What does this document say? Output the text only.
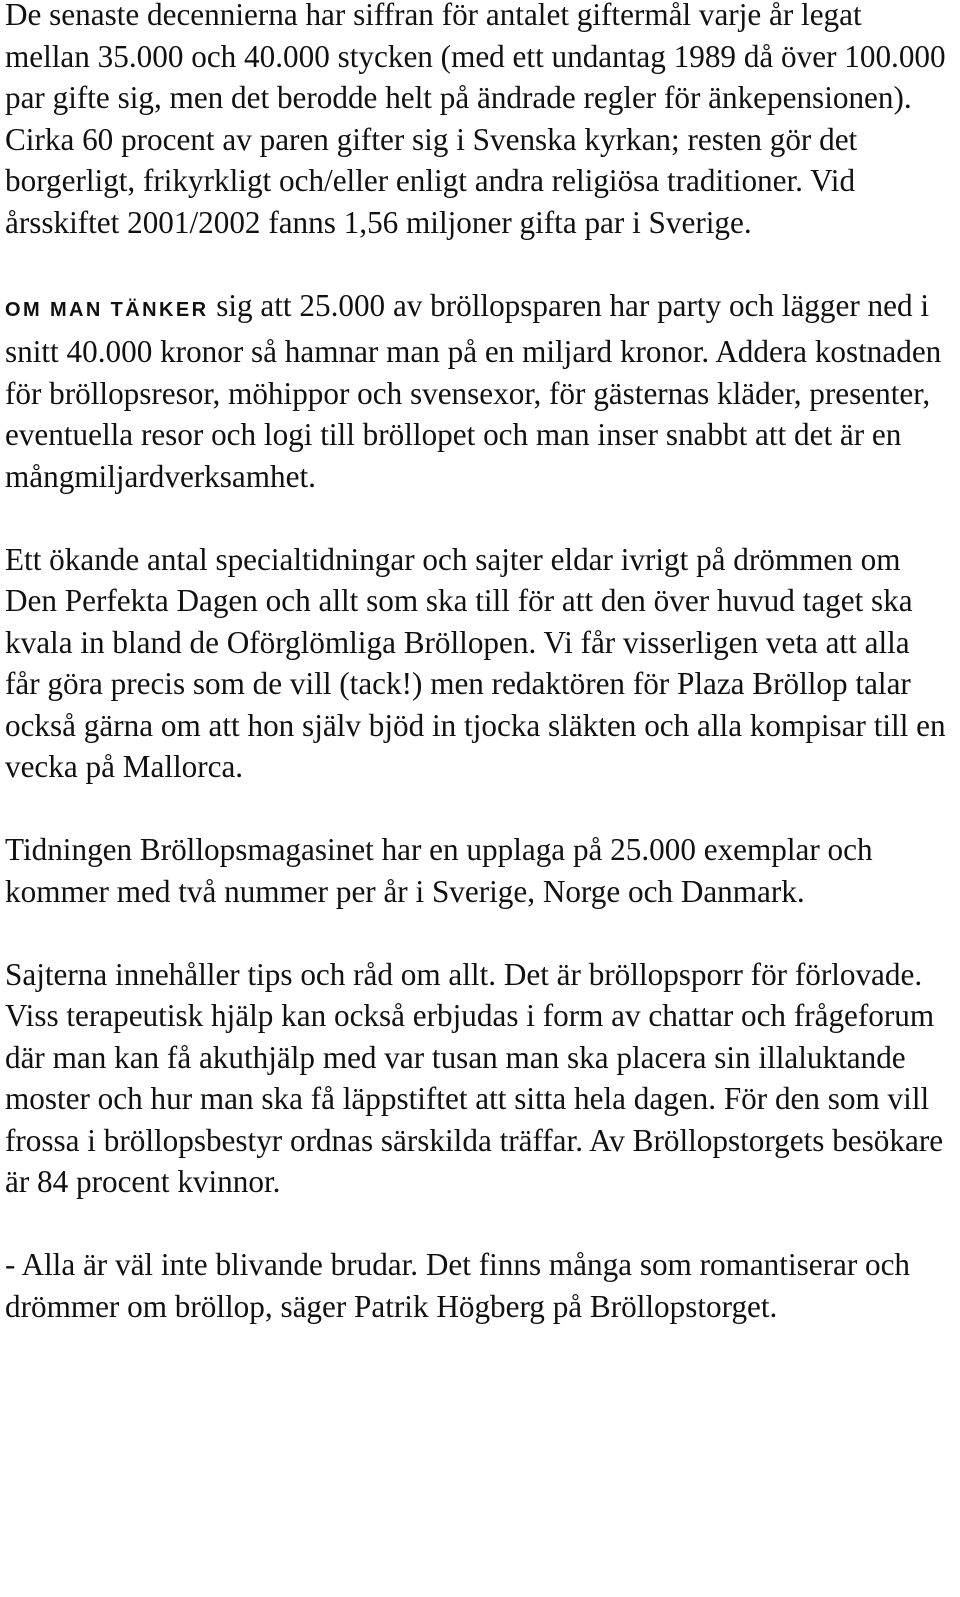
De senaste decennierna har siffran för antalet giftermål varje år legat mellan 35.000 och 40.000 stycken (med ett undantag 1989 då över 100.000 par gifte sig, men det berodde helt på ändrade regler för änkepensionen). Cirka 60 procent av paren gifter sig i Svenska kyrkan; resten gör det borgerligt, frikyrkligt och/eller enligt andra religiösa traditioner. Vid årsskiftet 2001/2002 fanns 1,56 miljoner gifta par i Sverige.

OM MAN TÄNKER sig att 25.000 av bröllopsparen har party och lägger ned i snitt 40.000 kronor så hamnar man på en miljard kronor. Addera kostnaden för bröllopsresor, möhippor och svensexor, för gästernas kläder, presenter, eventuella resor och logi till bröllopet och man inser snabbt att det är en mångmiljardverksamhet.

Ett ökande antal specialtidningar och sajter eldar ivrigt på drömmen om Den Perfekta Dagen och allt som ska till för att den över huvud taget ska kvala in bland de Oförglömliga Bröllopen. Vi får visserligen veta att alla får göra precis som de vill (tack!) men redaktören för Plaza Bröllop talar också gärna om att hon själv bjöd in tjocka släkten och alla kompisar till en vecka på Mallorca.

Tidningen Bröllopsmagasinet har en upplaga på 25.000 exemplar och kommer med två nummer per år i Sverige, Norge och Danmark.

Sajterna innehåller tips och råd om allt. Det är bröllopsporr för förlovade. Viss terapeutisk hjälp kan också erbjudas i form av chattar och frågeforum där man kan få akuthjälp med var tusan man ska placera sin illaluktande moster och hur man ska få läppstiftet att sitta hela dagen. För den som vill frossa i bröllopsbestyr ordnas särskilda träffar. Av Bröllopstorgets besökare är 84 procent kvinnor.

- Alla är väl inte blivande brudar. Det finns många som romantiserar och drömmer om bröllop, säger Patrik Högberg på Bröllopstorget.
